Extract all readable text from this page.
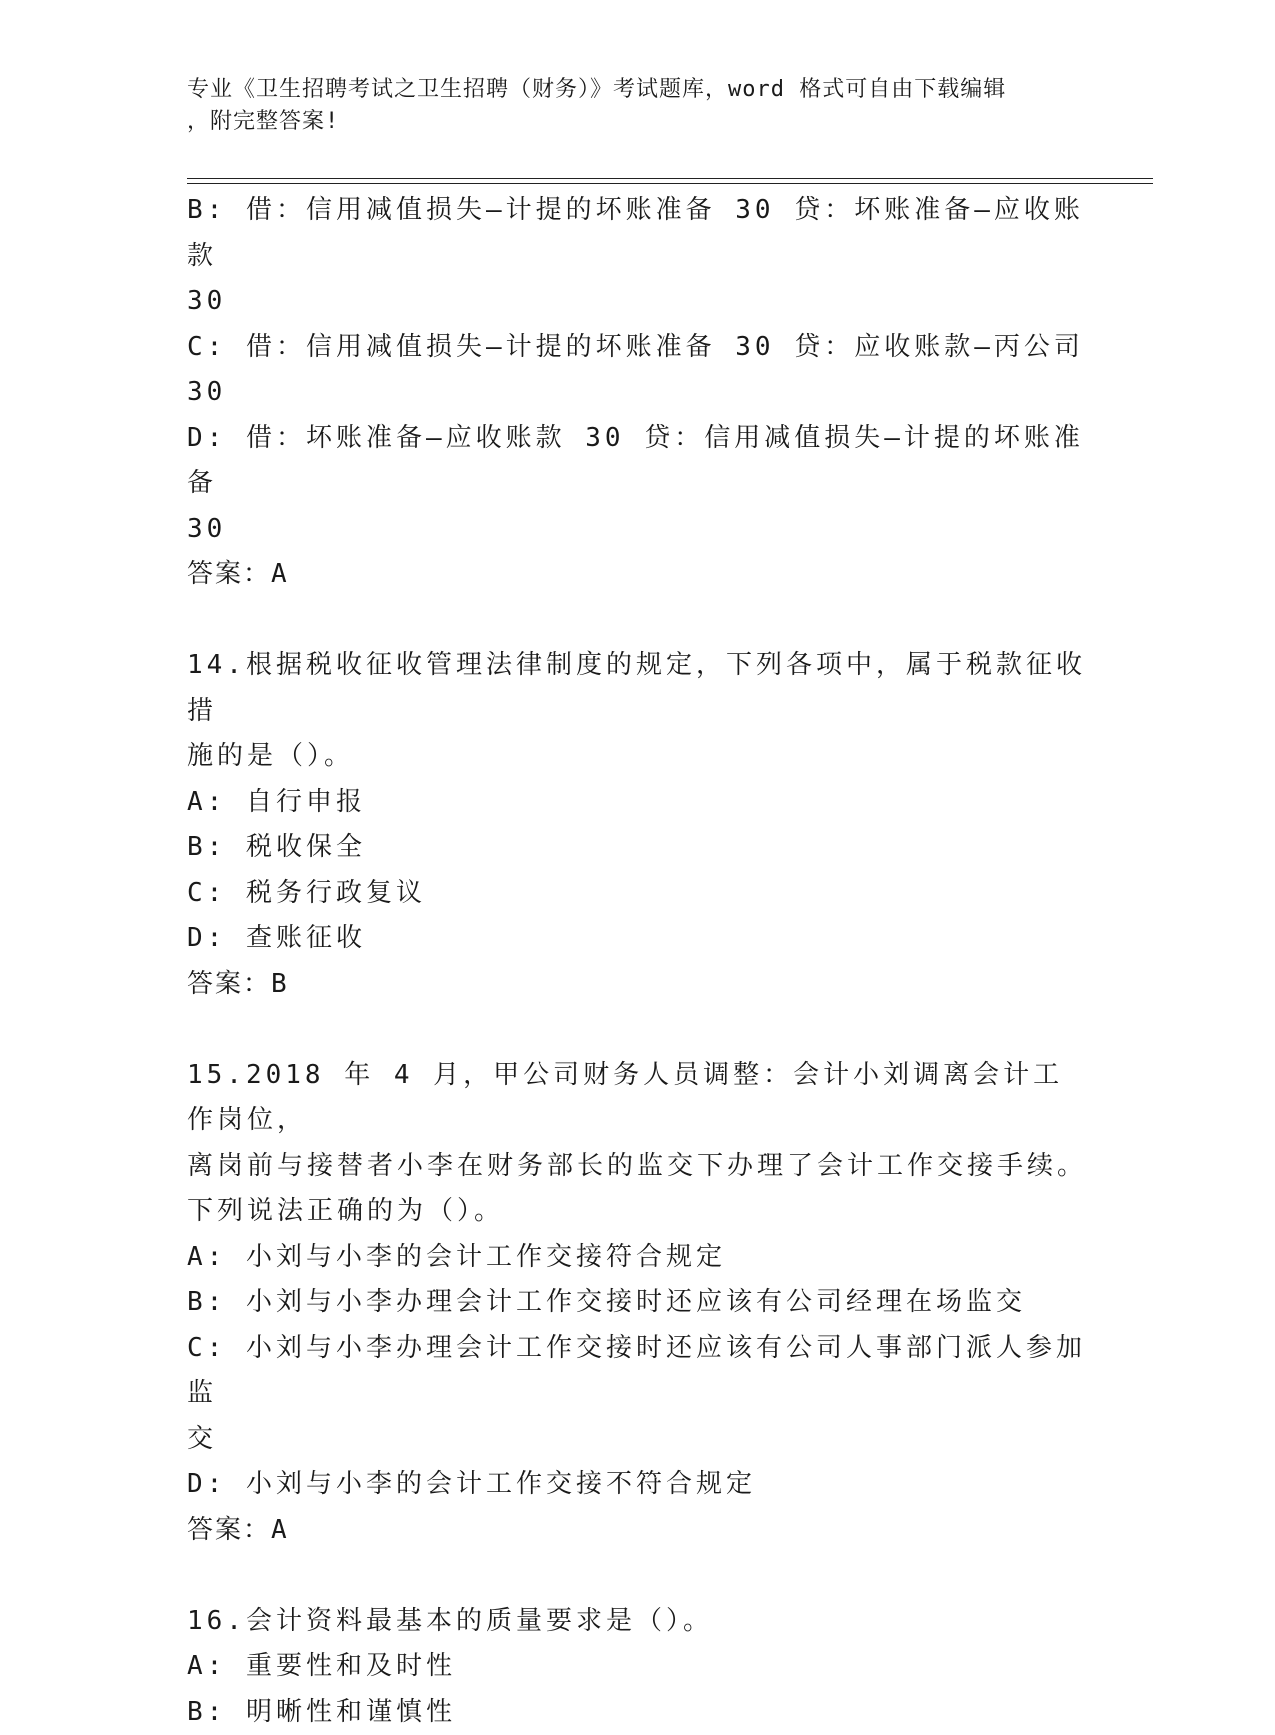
专业《卫生招聘考试之卫生招聘（财务）》考试题库，word 格式可自由下载编辑
，附完整答案!
B: 借：信用减值损失—计提的坏账准备 30 贷：坏账准备—应收账款
30
C: 借：信用减值损失—计提的坏账准备 30 贷：应收账款—丙公司 30
D: 借：坏账准备—应收账款 30 贷：信用减值损失—计提的坏账准备
30
答案：A
14.根据税收征收管理法律制度的规定，下列各项中，属于税款征收措
施的是（）。
A: 自行申报
B: 税收保全
C: 税务行政复议
D: 查账征收
答案：B
15.2018 年 4 月，甲公司财务人员调整：会计小刘调离会计工作岗位，
离岗前与接替者小李在财务部长的监交下办理了会计工作交接手续。
下列说法正确的为（）。
A: 小刘与小李的会计工作交接符合规定
B: 小刘与小李办理会计工作交接时还应该有公司经理在场监交
C: 小刘与小李办理会计工作交接时还应该有公司人事部门派人参加监
交
D: 小刘与小李的会计工作交接不符合规定
答案：A
16.会计资料最基本的质量要求是（）。
A: 重要性和及时性
B: 明晰性和谨慎性
